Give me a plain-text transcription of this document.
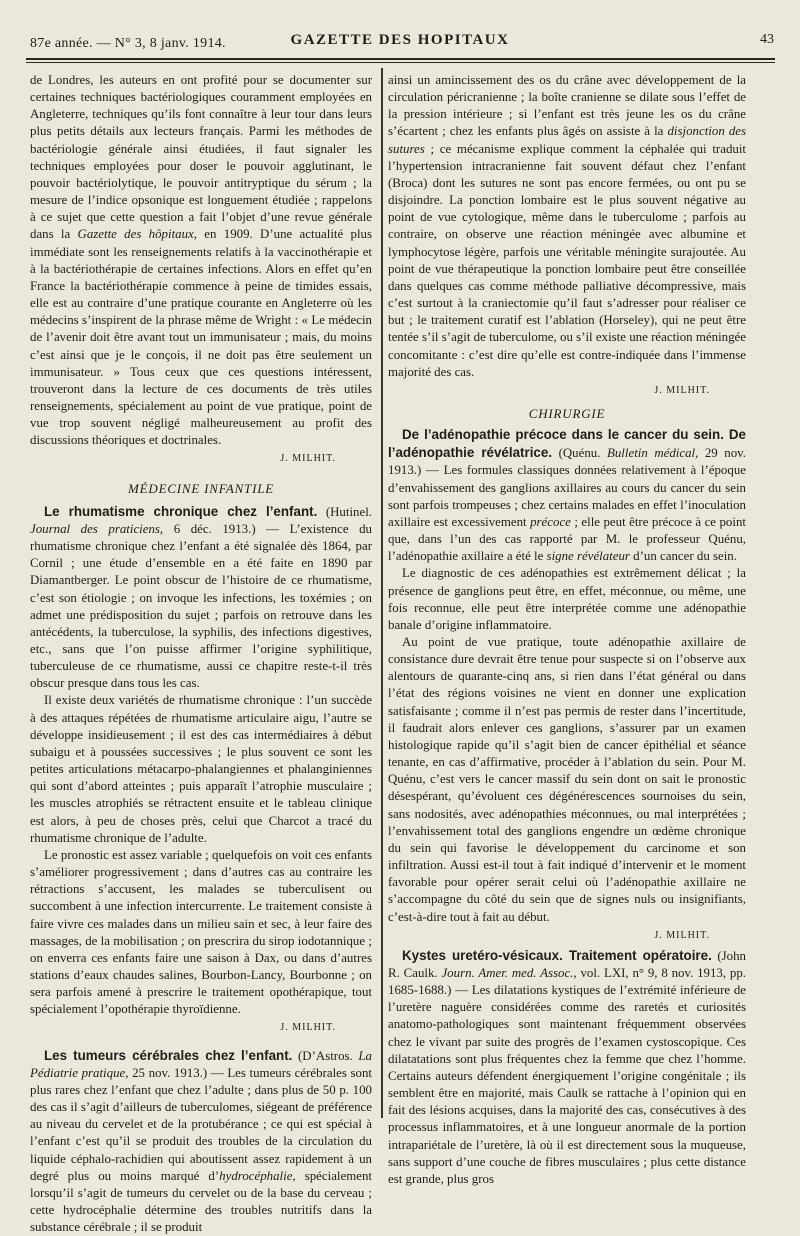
87e année. — N° 3, 8 janv. 1914.	GAZETTE DES HOPITAUX	43

de Londres, les auteurs en ont profité pour se documenter sur certaines techniques bactériologiques couramment employées en Angleterre, techniques qu’ils font connaître à leur tour dans leurs plus petits détails aux lecteurs français. Parmi les méthodes de bactériologie générale ainsi étudiées, il faut signaler les techniques employées pour doser le pouvoir agglutinant, le pouvoir bactériolytique, le pouvoir antitryptique du sérum ; la mesure de l’indice opsonique est longuement étudiée ; rappelons à ce sujet que cette question a fait l’objet d’une revue générale dans la Gazette des hôpitaux, en 1909. D’une actualité plus immédiate sont les renseignements relatifs à la vaccinothérapie et à la bactériothérapie de certaines infections. Alors en effet qu’en France la bactériothérapie commence à peine de timides essais, elle est au contraire d’une pratique courante en Angleterre où les médecins s’inspirent de la phrase même de Wright : « Le médecin de l’avenir doit être avant tout un immunisateur ; mais, du moins c’est ainsi que je le conçois, il ne doit pas être seulement un immunisateur. » Tous ceux que ces questions intéressent, trouveront dans la lecture de ces documents de très utiles renseignements, spécialement au point de vue pratique, point de vue trop souvent négligé malheureusement au profit des discussions théoriques et doctrinales.

J. MILHIT.
MÉDECINE INFANTILE

Le rhumatisme chronique chez l’enfant. (Hutinel. Journal des praticiens, 6 déc. 1913.) — L’existence du rhumatisme chronique chez l’enfant a été signalée dès 1864, par Cornil ; une étude d’ensemble en a été faite en 1890 par Diamantberger. Le point obscur de l’histoire de ce rhumatisme, c’est son étiologie ; on invoque les infections, les toxémies ; on admet une prédisposition du sujet ; parfois on retrouve dans les antécédents, la tuberculose, la syphilis, des infections digestives, etc., sans que l’on puisse affirmer l’origine syphilitique, tuberculeuse de ce rhumatisme, aussi ce chapitre reste-t-il très obscur presque dans tous les cas.

Il existe deux variétés de rhumatisme chronique : l’un succède à des attaques répétées de rhumatisme articulaire aigu, l’autre se développe insidieusement ; il est des cas intermédiaires à début subaigu et à poussées successives ; le plus souvent ce sont les petites articulations métacarpo-phalangiennes et phalanginiennes qui sont d’abord atteintes ; puis apparaît l’atrophie musculaire ; les muscles atrophiés se rétractent ensuite et le tableau clinique est alors, à peu de choses près, celui que Charcot a tracé du rhumatisme chronique de l’adulte.

Le pronostic est assez variable ; quelquefois on voit ces enfants s’améliorer progressivement ; dans d’autres cas au contraire les rétractions s’accusent, les malades se tuberculisent ou succombent à une infection intercurrente. Le traitement consiste à faire vivre ces malades dans un milieu sain et sec, à leur faire des massages, de la mobilisation ; on prescrira du sirop iodotannique ; on enverra ces enfants faire une saison à Dax, ou dans d’autres stations d’eaux chaudes salines, Bourbon-Lancy, Bourbonne ; on sera parfois amené à prescrire le traitement opothérapique, tout spécialement l’opothérapie thyroïdienne.

J. MILHIT.

Les tumeurs cérébrales chez l’enfant. (D’Astros. La Pédiatrie pratique, 25 nov. 1913.) — Les tumeurs cérébrales sont plus rares chez l’enfant que chez l’adulte ; dans plus de 50 p. 100 des cas il s’agit d’ailleurs de tuberculomes, siégeant de préférence au niveau du cervelet et de la protubérance ; ce qui est spécial à l’enfant c’est qu’il se produit des troubles de la circulation du liquide céphalo-rachidien qui aboutissent assez rapidement à un degré plus ou moins marqué d’hydrocéphalie, spécialement lorsqu’il s’agit de tumeurs du cervelet ou de la base du cerveau ; cette hydrocéphalie détermine des troubles nutritifs dans la substance cérébrale ; il se produit

ainsi un amincissement des os du crâne avec développement de la circulation péricranienne ; la boîte cranienne se dilate sous l’effet de la pression intérieure ; si l’enfant est très jeune les os du crâne s’écartent ; chez les enfants plus âgés on assiste à la disjonction des sutures ; ce mécanisme explique comment la céphalée qui traduit l’hypertension intracranienne fait souvent défaut chez l’enfant (Broca) dont les sutures ne sont pas encore fermées, ou ont pu se disjoindre. La ponction lombaire est le plus souvent négative au point de vue cytologique, même dans le tuberculome ; parfois au contraire, on observe une réaction méningée avec albumine et lymphocytose légère, parfois une véritable méningite surajoutée. Au point de vue thérapeutique la ponction lombaire peut être conseillée dans quelques cas comme méthode palliative décompressive, mais c’est surtout à la craniectomie qu’il faut s’adresser pour réaliser ce but ; le traitement curatif est l’ablation (Horseley), qui ne peut être tentée s’il s’agit de tuberculome, ou s’il existe une réaction méningée concomitante : c’est dire qu’elle est contre-indiquée dans l’immense majorité des cas.

J. MILHIT.
CHIRURGIE

De l’adénopathie précoce dans le cancer du sein. De l’adénopathie révélatrice. (Quénu. Bulletin médical, 29 nov. 1913.) — Les formules classiques données relativement à l’époque d’envahissement des ganglions axillaires au cours du cancer du sein sont parfois trompeuses ; chez certains malades en effet l’inoculation axillaire est excessivement précoce ; elle peut être précoce à ce point que, dans l’un des cas rapporté par M. le professeur Quénu, l’adénopathie axillaire a été le signe révélateur d’un cancer du sein.

Le diagnostic de ces adénopathies est extrêmement délicat ; la présence de ganglions peut être, en effet, méconnue, ou même, une fois reconnue, elle peut être interprétée comme une adénopathie banale d’origine inflammatoire.

Au point de vue pratique, toute adénopathie axillaire de consistance dure devrait être tenue pour suspecte si on l’observe aux alentours de quarante-cinq ans, si rien dans l’état général ou dans l’état des régions voisines ne vient en donner une explication satisfaisante ; comme il n’est pas permis de rester dans l’incertitude, il faudrait alors enlever ces ganglions, s’assurer par un examen histologique rapide qu’il s’agit bien de cancer épithélial et séance tenante, en cas d’affirmative, procéder à l’ablation du sein. Pour M. Quénu, c’est vers le cancer massif du sein dont on sait le pronostic désespérant, qu’évoluent ces dégénérescences sournoises du sein, sans nodosités, avec adénopathies méconnues, ou mal interprétées ; l’envahissement total des ganglions engendre un œdème chronique du sein qui favorise le développement du carcinome et son infiltration. Aussi est-il tout à fait indiqué d’intervenir et le moment favorable pour opérer serait celui où l’adénopathie axillaire ne s’accompagne du côté du sein que de signes nuls ou insignifiants, c’est-à-dire tout à fait au début.

J. MILHIT.

Kystes uretéro-vésicaux. Traitement opératoire. (John R. Caulk. Journ. Amer. med. Assoc., vol. LXI, n° 9, 8 nov. 1913, pp. 1685-1688.) — Les dilatations kystiques de l’extrémité inférieure de l’uretère naguère considérées comme des raretés et curiosités anatomo-pathologiques sont maintenant fréquemment observées chez le vivant par suite des progrès de l’examen cystoscopique. Ces dilatatations sont plus fréquentes chez la femme que chez l’homme. Certains auteurs défendent énergiquement l’origine congénitale ; ils semblent être en majorité, mais Caulk se rattache à l’opinion qui en fait des lésions acquises, dans la majorité des cas, consécutives à des processus inflammatoires, et à une longueur anormale de la portion intrapariétale de l’uretère, là où il est directement sous la muqueuse, sans support d’une couche de fibres musculaires ; plus cette distance est grande, plus gros
